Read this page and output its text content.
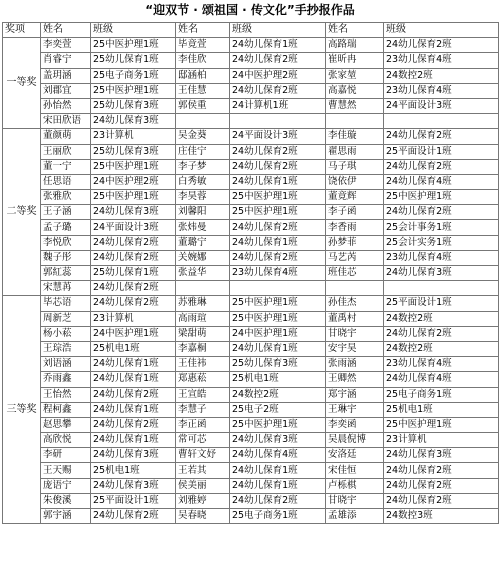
“迎双节 · 颂祖国 · 传文化”手抄报作品
奖项	姓名	班级	姓名	班级	姓名	班级
一等奖	李奕萱	25中医护理1班	毕竟萱	24幼儿保育1班	高路瑞	24幼儿保育2班
	肖睿宁	25幼儿保育1班	李佳欣	24幼儿保育2班	崔昕冉	23幼儿保育4班
	盖玥涵	25电子商务1班	邸涵柏	24中医护理2班	张家堃	24数控2班
	刘郡宜	25中医护理1班	王佳慧	24幼儿保育2班	高嘉悦	23幼儿保育4班
	孙怡然	25幼儿保育3班	郭侯重	24计算机1班	曹慧然	24平面设计3班
	宋田欣语	24幼儿保育3班				
二等奖	董颜萌	23计算机	吴金葵	24平面设计3班	李佳璇	24幼儿保育2班
	王丽欣	25幼儿保育3班	庄佳宁	24幼儿保育2班	翟思雨	25平面设计1班
	董一宁	25中医护理1班	李子梦	24幼儿保育2班	马子琪	24幼儿保育2班
	任思语	24中医护理2班	白秀敏	24幼儿保育1班	饶依伊	24幼儿保育4班
	张雅欣	25中医护理1班	李昊蓉	25中医护理1班	董竟辉	25中医护理1班
	王子涵	24幼儿保育3班	刘馨阳	25中医护理1班	李子函	24幼儿保育2班
	孟子璐	24平面设计3班	张炜曼	24幼儿保育2班	李香雨	25会计事务1班
	李悦欣	24幼儿保育2班	董璐宁	24幼儿保育1班	孙梦菲	25会计实务1班
	魏子彤	24幼儿保育2班	关婉娜	24幼儿保育2班	马艺芮	23幼儿保育4班
	郭紅蕊	25幼儿保育1班	张益华	23幼儿保育4班	班佳芯	24幼儿保育3班
	宋慧苒	24幼儿保育2班				
三等奖	毕芯语	24幼儿保育2班	苏雅琳	25中医护理1班	孙佳杰	25平面设计1班
	周新芝	23计算机	高雨瑄	25中医护理1班	董禹村	24数控2班
	杨小菘	24中医护理1班	梁甜萌	24中医护理1班	甘晓宇	24幼儿保育2班
	王琮浩	25机电1班	李嘉桐	24幼儿保育1班	安宇昊	24数控2班
	刘语涵	24幼儿保育1班	王佳祎	25幼儿保育3班	张雨涵	23幼儿保育4班
	乔雨鑫	24幼儿保育1班	郑惠菘	25机电1班	王卿然	24幼儿保育4班
	王怡然	24幼儿保育2班	王宣皓	24数控2班	郑宇涵	25电子商务1班
	程柯鑫	24幼儿保育1班	李慧子	25电子2班	王琳宇	25机电1班
	赵思攀	24幼儿保育2班	李正函	25中医护理1班	李奕函	25中医护理1班
	高欣悦	24幼儿保育1班	常可芯	24幼儿保育3班	吴晨倪博	23计算机
	李研	24幼儿保育3班	曹轩文妤	24幼儿保育4班	安洛廷	24幼儿保育3班
	王天赐	25机电1班	王若其	24幼儿保育1班	宋佳恒	24幼儿保育2班
	庞语宁	24幼儿保育3班	侯美丽	24幼儿保育1班	卢栎棋	24幼儿保育2班
	朱俊溪	25平面设计1班	刘雅婷	24幼儿保育2班	甘晓宇	24幼儿保育2班
	郭宇涵	24幼儿保育2班	吴春晓	25电子商务1班	孟雄添	24数控3班
